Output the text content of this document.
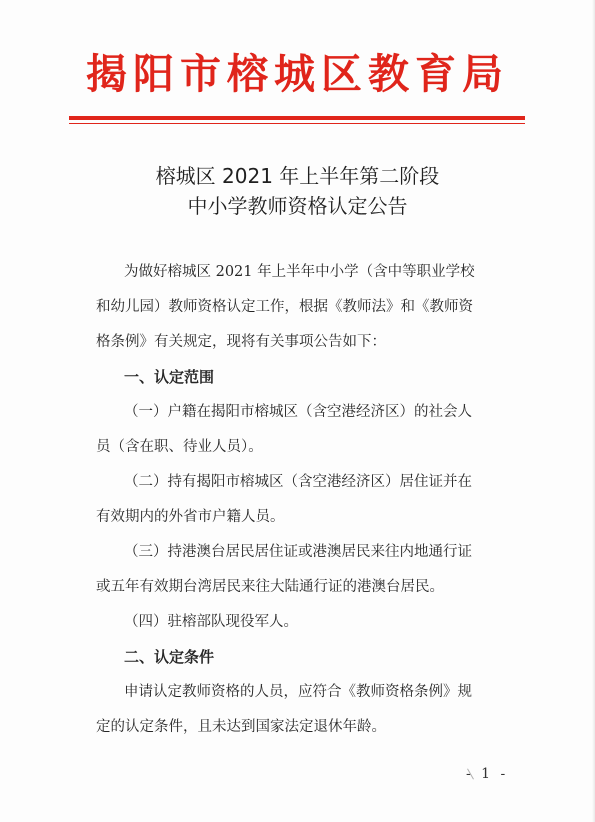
揭阳市榕城区教育局
榕城区 2021 年上半年第二阶段
中小学教师资格认定公告
为做好榕城区 2021 年上半年中小学（含中等职业学校
和幼儿园）教师资格认定工作，根据《教师法》和《教师资
格条例》有关规定，现将有关事项公告如下：
一、认定范围
（一）户籍在揭阳市榕城区（含空港经济区）的社会人
员（含在职、待业人员）。
（二）持有揭阳市榕城区（含空港经济区）居住证并在
有效期内的外省市户籍人员。
（三）持港澳台居民居住证或港澳居民来往内地通行证
或五年有效期台湾居民来往大陆通行证的港澳台居民。
（四）驻榕部队现役军人。
二、认定条件
申请认定教师资格的人员，应符合《教师资格条例》规
定的认定条件，且未达到国家法定退休年龄。
- 1 -
